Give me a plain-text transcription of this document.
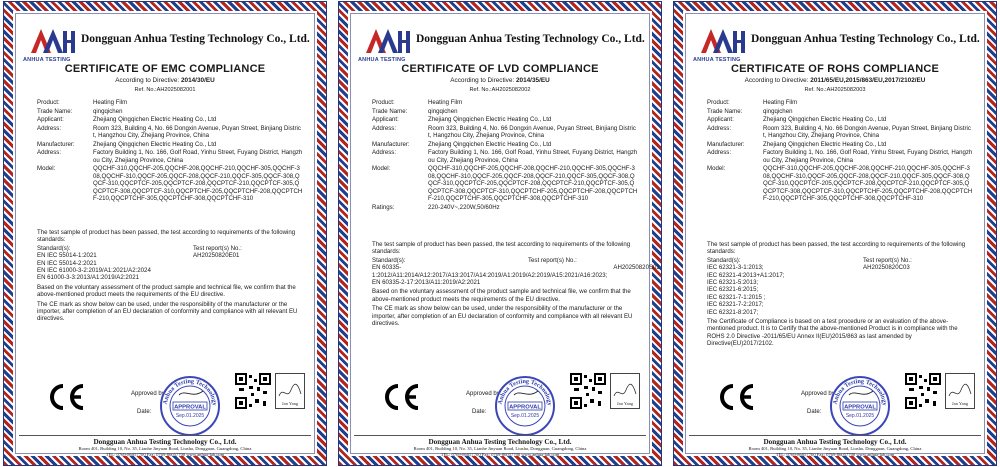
ANHUA TESTING
Dongguan Anhua Testing Technology Co., Ltd.
CERTIFICATE OF EMC COMPLIANCE
According to Directive: 2014/30/EU
Ref. No.:AH2025082001
Product:	Heating Film
Trade Name:	qingqichen
Applicant:	Zhejiang Qingqichen Electric Heating Co., Ltd
Address:	Room 323, Building 4, No. 66 Dongxin Avenue, Puyan Street, Binjiang District, Hangzhou City, Zhejiang Province, China
Manufacturer:	Zhejiang Qingqichen Electric Heating Co., Ltd
Address:	Factory Building 1, No. 166, Golf Road, Yinhu Street, Fuyang District, Hangzhou City, Zhejiang Province, China
Model:	QQCHF-310,QQCHF-205,QQCHF-208,QQCHF-210,QQCHF-305,QQCHF-308,QQCHF-310,QQCF-205,QQCF-208,QQCF-210,QQCF-305,QQCF-308,QQCF-310,QQCPTCF-205,QQCPTCF-208,QQCPTCF-210,QQCPTCF-305,QQCPTCF-308,QQCPTCF-310,QQCPTCHF-205,QQCPTCHF-208,QQCPTCHF-210,QQCPTCHF-305,QQCPTCHF-308,QQCPTCHF-310
The test sample of product has been passed, the test according to requirements of the following standards:
Standard(s):	Test report(s) No.:
EN IEC 55014-1:2021
EN IEC 55014-2:2021
EN IEC 61000-3-2:2019/A1:2021/A2:2024
EN 61000-3-3:2013/A1:2019/A2:2021
AH20250820E01
Based on the voluntary assessment of the product sample and technical file, we confirm that the above-mentioned product meets the requirements of the EU directive.
The CE mark as show below can be used, under the responsibility of the manufacturer or the importer, after completion of an EU declaration of conformity and compliance with all relevant EU directives.
Approved by:
Date:
Anhua Testing Technology
APPROVAL
Sep.01.2025
Jan Yang
Dongguan Anhua Testing Technology Co., Ltd.
Room 401, Building 10, No. 35, Lianhe Jinyuan Road, Liusha, Dongguan, Guangdong, China
TEL: 0769-86057700 Fax: 0769-86057700 www.anhua-lab.com
ANHUA TESTING
Dongguan Anhua Testing Technology Co., Ltd.
CERTIFICATE OF LVD COMPLIANCE
According to Directive: 2014/35/EU
Ref. No.:AH2025082002
Product:	Heating Film
Trade Name:	qingqichen
Applicant:	Zhejiang Qingqichen Electric Heating Co., Ltd
Address:	Room 323, Building 4, No. 66 Dongxin Avenue, Puyan Street, Binjiang District, Hangzhou City, Zhejiang Province, China
Manufacturer:	Zhejiang Qingqichen Electric Heating Co., Ltd
Address:	Factory Building 1, No. 166, Golf Road, Yinhu Street, Fuyang District, Hangzhou City, Zhejiang Province, China
Model:	QQCHF-310,QQCHF-205,QQCHF-208,QQCHF-210,QQCHF-305,QQCHF-308,QQCHF-310,QQCF-205,QQCF-208,QQCF-210,QQCF-305,QQCF-308,QQCF-310,QQCPTCF-205,QQCPTCF-208,QQCPTCF-210,QQCPTCF-305,QQCPTCF-308,QQCPTCF-310,QQCPTCHF-205,QQCPTCHF-208,QQCPTCHF-210,QQCPTCHF-305,QQCPTCHF-308,QQCPTCHF-310
Ratings:	220-240V~,220W,50/60Hz
The test sample of product has been passed, the test according to requirements of the following standards:
Standard(s):	Test report(s) No.:
EN 60335-1:2012/A11:2014/A12:2017/A13:2017/A14:2019/A1:2019/A2:2019/A15:2021/A16:2023;
EN 60335-2-17:2013/A11:2019/A2:2021
AH20250820S02
Based on the voluntary assessment of the product sample and technical file, we confirm that the above-mentioned product meets the requirements of the EU directive.
The CE mark as show below can be used, under the responsibility of the manufacturer or the importer, after completion of an EU declaration of conformity and compliance with all relevant EU directives.
Approved by:
Date:
Anhua Testing Technology
APPROVAL
Sep.01.2025
Jan Yang
Dongguan Anhua Testing Technology Co., Ltd.
Room 401, Building 10, No. 35, Lianhe Jinyuan Road, Liusha, Dongguan, Guangdong, China
TEL: 0769-86057700 Fax: 0769-86057700 www.anhua-lab.com
ANHUA TESTING
Dongguan Anhua Testing Technology Co., Ltd.
CERTIFICATE OF ROHS COMPLIANCE
According to Directive: 2011/65/EU,2015/863/EU,2017/2102/EU
Ref. No.:AH2025082003
Product:	Heating Film
Trade Name:	qingqichen
Applicant:	Zhejiang Qingqichen Electric Heating Co., Ltd
Address:	Room 323, Building 4, No. 66 Dongxin Avenue, Puyan Street, Binjiang District, Hangzhou City, Zhejiang Province, China
Manufacturer:	Zhejiang Qingqichen Electric Heating Co., Ltd
Address:	Factory Building 1, No. 166, Golf Road, Yinhu Street, Fuyang District, Hangzhou City, Zhejiang Province, China
Model:	QQCHF-310,QQCHF-205,QQCHF-208,QQCHF-210,QQCHF-305,QQCHF-308,QQCHF-310,QQCF-205,QQCF-208,QQCF-210,QQCF-305,QQCF-308,QQCF-310,QQCPTCF-205,QQCPTCF-208,QQCPTCF-210,QQCPTCF-305,QQCPTCF-308,QQCPTCF-310,QQCPTCHF-205,QQCPTCHF-208,QQCPTCHF-210,QQCPTCHF-305,QQCPTCHF-308,QQCPTCHF-310
The test sample of product has been passed, the test according to requirements of the following standards:
Standard(s):	Test report(s) No.:
IEC 62321-3-1:2013;
IEC 62321-4:2013+A1:2017;
IEC 62321-5:2013;
IEC 62321-6:2015;
IEC 62321-7-1:2015 ;
IEC 62321-7-2:2017;
IEC 62321-8:2017;
AH20250820C03
The Certificate of Compliance is based on a test procedure or an evaluation of the above-mentioned product. It is to Certify that the above-mentioned Product is in compliance with the ROHS 2.0 Directive -2011/65/EU Annex II(EU)2015/863 as last amended by Directive(EU)2017/2102.
Approved by:
Date:
Anhua Testing Technology
APPROVAL
Sep.01.2025
Jan Yang
Dongguan Anhua Testing Technology Co., Ltd.
Room 401, Building 10, No. 35, Lianhe Jinyuan Road, Liusha, Dongguan, Guangdong, China
TEL: 0769-86057700 Fax: 0769-86057700 www.anhua-lab.com
